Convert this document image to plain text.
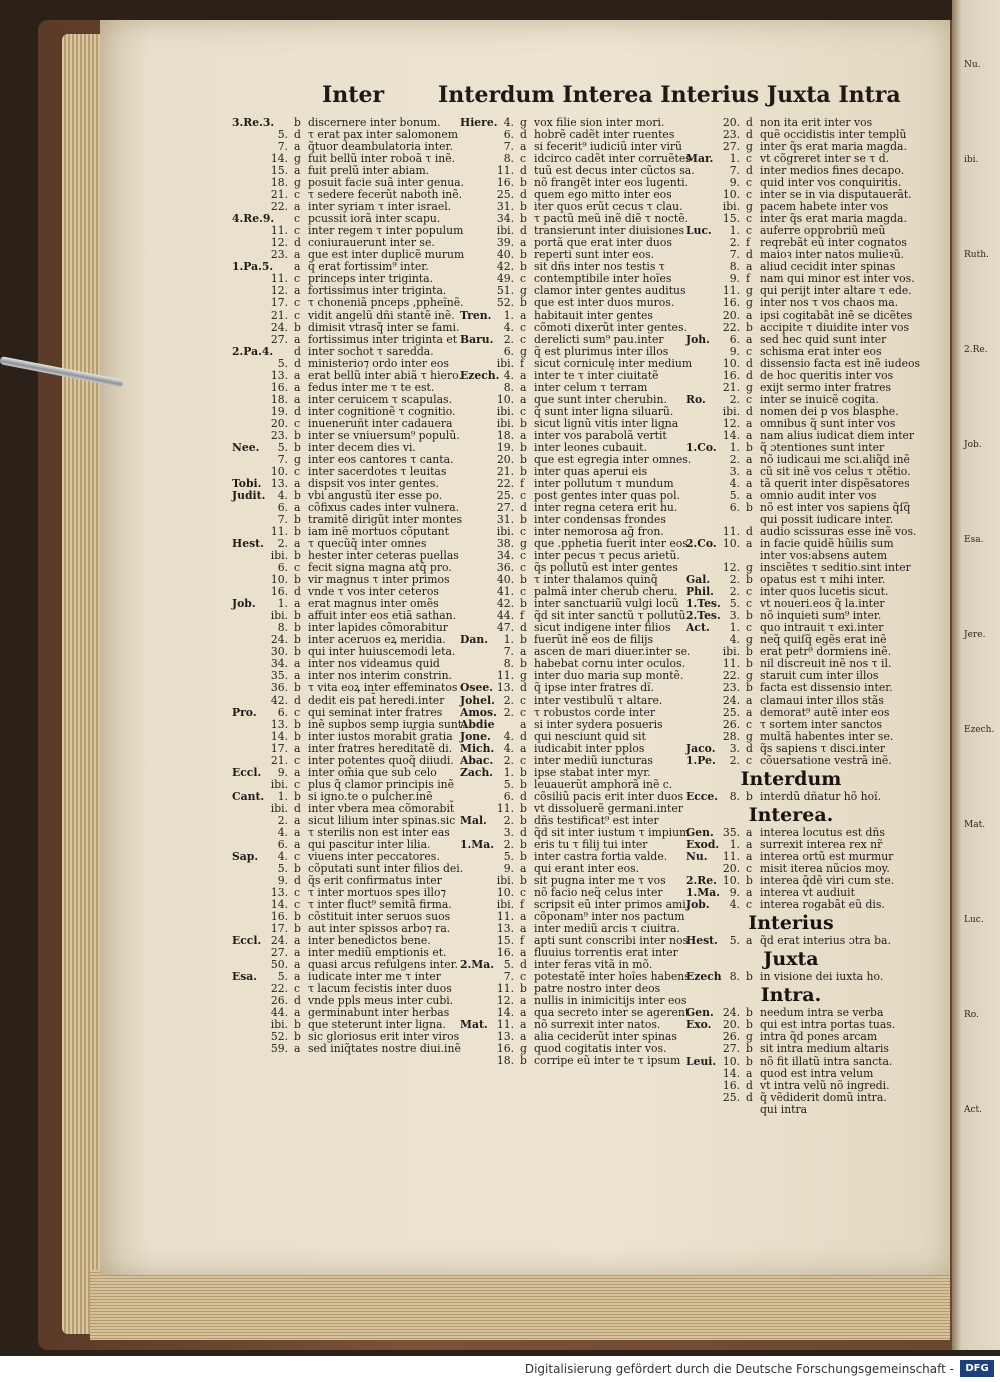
Nu.
ibi.
Ruth.
2.Re.
Job.
Esa.
Jere.
Ezech.
Mat.
Luc.
Ro.
Act.
Inter Interdum Interea Interius Juxta Intra
3.Re.3. b discernere inter bonum.
5. d τ erat pax inter salomonem
7. a q̃tuor deambulatoria inter.
14. g fuit bellũ inter roboã τ inẽ.
15. a fuit prelũ inter abiam.
18. g posuit facie suã inter genua.
21. c τ sedere fecerũt naboth inẽ.
22. a inter syriam τ inter israel.
4.Re.9. c pcussit iorã inter scapu.
11. c inter regem τ inter populum
12. d coniurauerunt inter se.
23. a que est inter duplicẽ murum
1.Pa.5. a q̃ erat fortissim⁹ inter.
11. c princeps inter triginta.
12. a fortissimus inter triginta.
17. c τ choneniã pnceps ,ppheĩnẽ.
21. c vidit angelũ dñi stantẽ inẽ.
24. b dimisit vtrasq̃ inter se fami.
27. a fortissimus inter triginta et
2.Pa.4. d inter sochot τ saredda.
5. d ministerio⁊ ordo inter eos
13. a erat bellũ inter abiã τ hiero.
16. a fedus inter me τ te est.
18. a inter ceruicem τ scapulas.
19. d inter cognitionẽ τ cognitio.
20. c inueneruñt inter cadauera
23. b inter se vniuersum⁹ populũ.
Nee. 5. b inter decem dies vi.
7. g inter eos cantores τ canta.
10. c inter sacerdotes τ leuitas
Tobi. 13. a dispsit vos inter gentes.
Judit. 4. b vbi angustũ iter esse po.
6. a cõfixus cades inter vulnera.
7. b tramitẽ dirigũt inter montes
11. b iam inẽ mortuos cõputant
Hest. 2. a τ quecũq̃ inter omnes
ibi. b hester inter ceteras puellas
6. c fecit signa magna atq̃ pro.
10. b vir magnus τ inter primos
16. d vnde τ vos inter ceteros
Job. 1. a erat magnus inter omẽs
ibi. b affuit inter eos etiã sathan.
8. b inter lapides cõmorabitur
24. b inter aceruos eꝝ meridia.
30. b qui inter huiuscemodi leta.
34. a inter nos videamus quid
35. a inter nos interim constrin.
36. b τ vita eoꝝ inter effeminatos
42. d dedit eis pat̃ heredi.inter
Pro. 6. c qui seminat inter fratres
13. b inẽ supbos semp iurgia sunt.
14. b inter iustos morabit̃ gratia
17. a inter fratres hereditatẽ di.
21. c inter potentes quoq̃ diiudi.
Eccl. 9. a inter om̃ia que sub celo
ibi. c plus q̃ clamor principis inẽ
Cant. 1. b si igno.te o pulcher.inẽ
ibi. d inter vbera mea cõmorabit̃
2. a sicut lilium inter spinas.sic
4. a τ sterilis non est inter eas
6. a qui pascitur inter lilia.
Sap. 4. c viuens inter peccatores.
5. b cõputati sunt inter filios dei.
9. d q̃s erit confirmatus inter
13. c τ inter mortuos spes illo⁊
14. c τ inter fluct⁹ semitã firma.
16. b cõstituit inter seruos suos
17. b aut inter spissos arbo⁊ ra.
Eccl. 24. a inter benedictos bene.
27. a inter mediũ emptionis et.
50. a quasi arcus refulgens inter.
Esa. 5. a iudicate inter me τ inter
22. c τ lacum fecistis inter duos
26. d vnde ppls meus inter cubi.
44. a germinabunt inter herbas
ibi. b que steterunt inter ligna.
52. b sic gloriosus erit inter viros
59. a sed iniq̃tates nostre diui.inẽ
Hiere. 4. g vox filie sion inter mori.
6. d hobrẽ cadẽt inter ruentes
7. a si fecerit⁹ iudiciũ inter virũ
8. c idcirco cadẽt inter corruẽtes
11. d tuũ est decus inter cũctos sa.
16. b nõ frangẽt inter eos lugenti.
25. d quem ego mitto inter eos
31. b iter quos erũt cecus τ clau.
34. b τ pactũ meũ inẽ diẽ τ noctẽ.
ibi. d transierunt inter diuisiones
39. a portã que erat inter duos
40. b reperti sunt inter eos.
42. b sit dñs inter nos testis τ
49. c contemptibile inter hoĩes
51. g clamor inter gentes auditus
52. b que est inter duos muros.
Tren. 1. a habitauit inter gentes
4. c cõmoti dixerũt inter gentes.
Baru. 2. c derelicti sum⁹ pau.inter
6. g q̃ est plurimus inter illos
ibi. f sicut corniculę inter medium
Ezech. 4. a inter te τ inter ciuitatẽ
8. a inter celum τ terram
10. a que sunt inter cherubin.
ibi. c q̃ sunt inter ligna siluarũ.
ibi. b sicut lignũ vitis inter ligna
18. a inter vos parabolã vertit̃
19. b inter leones cubauit.
20. b que est egregia inter omnes.
21. b inter quas aperui eis
22. f inter pollutum τ mundum
25. c post gentes inter quas pol.
27. d inter regna cetera erit hu.
31. b inter condensas frondes
ibi. c inter nemorosa ag̃ fron.
38. g que .pphetia fuerit inter eos.
34. c inter pecus τ pecus arietũ.
36. c q̃s pollutũ est inter gentes
40. b τ inter thalamos quinq̃
41. c palmã inter cherub cheru.
42. b inter sanctuariũ vulgi locũ
44. f q̃d sit inter sanctũ τ pollutũ.
47. d sicut indigene inter filios
Dan. 1. b fuerũt inẽ eos de filijs
7. a ascen de mari diuer.inter se.
8. b habebat cornu inter oculos.
11. g inter duo maria sup montẽ.
Osee. 13. d q̃ ipse inter fratres dĩ.
Johel. 2. c inter vestibulũ τ altare.
Amos. 2. c τ robustos corde inter
Abdie a si inter sydera posueris
Jone. 4. d qui nesciunt quid sit
Mich. 4. a iudicabit inter pplos
Abac. 2. c inter mediũ iuncturas
Zach. 1. b ipse stabat inter myr.
5. b leuauerũt amphorã inẽ c.
6. d cõsiliũ pacis erit inter duos
11. b vt dissoluerẽ germani.inter
Mal. 2. b dñs testificat⁹ est inter
3. d q̃d sit inter iustum τ impium
1.Ma. 2. b eris tu τ filij tui inter
5. b inter castra fortia valde.
9. a qui erant inter eos.
ibi. b sit pugna inter me τ vos
10. c nõ facio neq̃ celus inter
ibi. f scripsit eũ inter primos ami.
11. a cõponam⁹ inter nos pactum
13. a inter mediũ arcis τ ciuitra.
15. f apti sunt conscribi inter nos
16. a fluuius torrentis erat inter
2.Ma. 5. d inter feras vitã in mõ.
7. c potestatẽ inter hoĩes habens
11. b patre nostro inter deos
12. a nullis in inimicitijs inter eos
14. a qua secreto inter se agerent
Mat. 11. a nõ surrexit inter natos.
13. a alia ceciderũt inter spinas
16. g quod cogitatis inter vos.
18. b corripe eũ inter te τ ipsum
20. d non ita erit inter vos
23. d quẽ occidistis inter templũ
27. g inter q̃s erat maria magda.
Mar. 1. c vt cõgreret inter se τ d.
7. d inter medios fines decapo.
9. c quid inter vos conquiritis.
10. c inter se in via disputauerãt.
ibi. g pacem habete inter vos
15. c inter q̃s erat maria magda.
Luc. 1. c auferre opprobriũ meũ
2. f reqrebãt eũ inter cognatos
7. d maioꝛ inter natos mulieꝛũ.
8. a aliud cecidit inter spinas
9. f nam qui minor est inter vos.
11. g qui perijt inter altare τ ede.
16. g inter nos τ vos chaos ma.
20. a ipsi cogitabãt inẽ se dicẽtes
22. b accipite τ diuidite inter vos
Joh. 6. a sed hec quid sunt inter
9. c schisma erat inter eos
10. d dissensio facta est inẽ iudeos
16. d de hoc queritis inter vos
21. g exijt sermo inter fratres
Ro. 2. c inter se inuicẽ cogita.
ibi. d nomen dei p vos blasphe.
12. a omnibus q̃ sunt inter vos
14. a nam alius iudicat diem inter
1.Co. 1. b q̃ ɔtentiones sunt inter
2. a nõ iudicaui me sci.aliq̃d inẽ
3. a cũ sit inẽ vos celus τ ɔtẽtio.
4. a tã querit inter dispẽsatores
5. a omnio audit inter vos
6. b nõ est inter vos sapiens q̃ſq̃
qui possit iudicare inter.
11. d audio scissuras esse inẽ vos.
2.Co. 10. a in facie quidẽ hũilis sum
inter vos:absens autem
12. g insciẽtes τ seditio.sint inter
Gal. 2. b opatus est τ mihi inter.
Phil. 2. c inter quos lucetis sicut.
1.Tes. 5. c vt noueri.eos q̃ la.inter
2.Tes. 3. b nõ inquieti sum⁹ inter.
Act. 1. c quo intrauit τ exi.inter
4. g neq̃ quiſq̃ egẽs erat inẽ
ibi. b erat petr⁹ dormiens inẽ.
11. b nil discreuit inẽ nos τ il.
22. g staruit cum inter illos
23. b facta est dissensio inter.
24. a clamaui inter illos stãs
25. a demorat⁹ autẽ inter eos
26. c τ sortem inter sanctos
28. g multã habentes inter se.
Jaco. 3. d q̃s sapiens τ disci.inter
1.Pe. 2. c cõuersatione vestrã inẽ.
Interdum
Ecce. 8. b interdũ dñatur hõ hoĩ.
Interea.
Gen. 35. a interea locutus est dñs
Exod. 1. a surrexit interea rex nr̃
Nu. 11. a interea ortũ est murmur
20. c misit iterea nũcios moy.
2.Re. 10. b interea q̃dẽ viri cum ste.
1.Ma. 9. a interea vt audiuit
Job. 4. c interea rogabãt eũ dis.
Interius
Hest. 5. a q̃d erat interius ɔtra ba.
Juxta
Ezech 8. b in visione dei iuxta ho.
Intra.
Gen. 24. b needum intra se verba
Exo. 20. b qui est intra portas tuas.
26. g intra q̃d pones arcam
27. b sit intra medium altaris
Leui. 10. b nõ fit illatũ intra sancta.
14. a quod est intra velum
16. d vt intra velũ nõ ingredi.
25. d q̃ vẽdiderit domũ intra.
qui intra
Digitalisierung gefördert durch die Deutsche Forschungsgemeinschaft -	DFG
